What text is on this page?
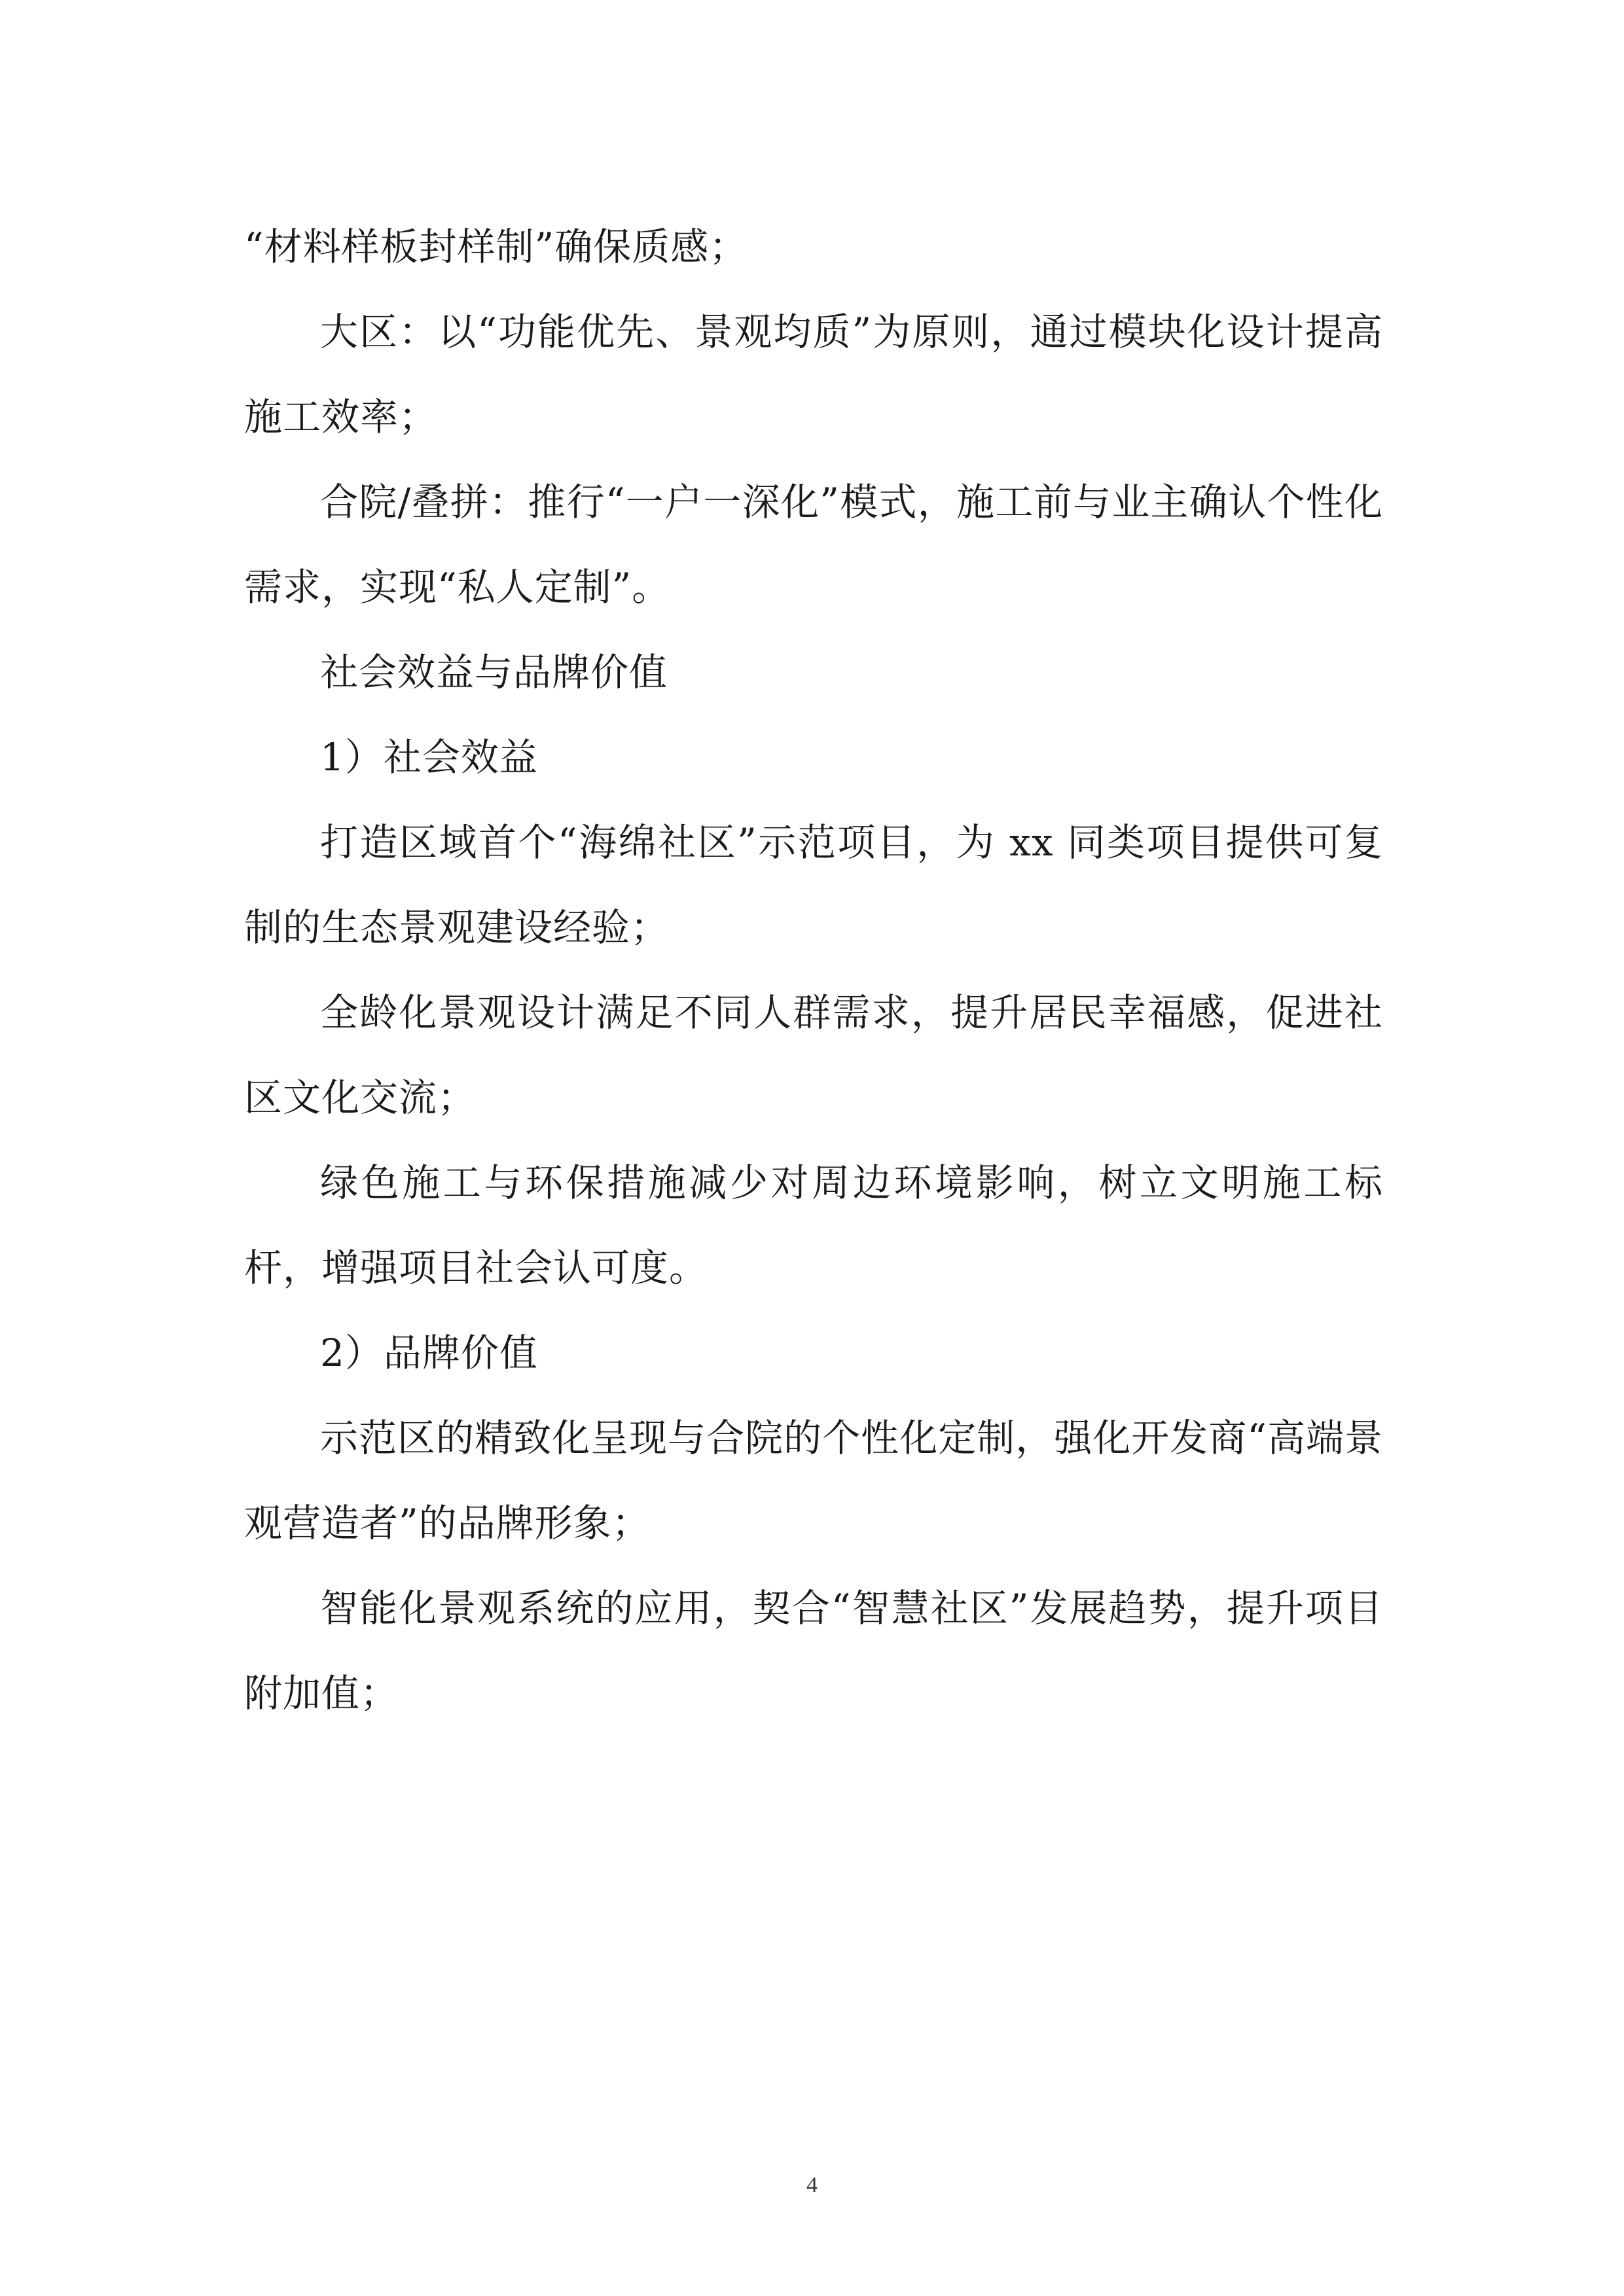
“材料样板封样制”确保质感；

大区：以“功能优先、景观均质”为原则，通过模块化设计提高施工效率；

合院/叠拼：推行“一户一深化”模式，施工前与业主确认个性化需求，实现“私人定制”。

社会效益与品牌价值

1）社会效益

打造区域首个“海绵社区”示范项目，为 xx 同类项目提供可复制的生态景观建设经验；

全龄化景观设计满足不同人群需求，提升居民幸福感，促进社区文化交流；

绿色施工与环保措施减少对周边环境影响，树立文明施工标杆，增强项目社会认可度。

2）品牌价值

示范区的精致化呈现与合院的个性化定制，强化开发商“高端景观营造者”的品牌形象；

智能化景观系统的应用，契合“智慧社区”发展趋势，提升项目附加值；

4
